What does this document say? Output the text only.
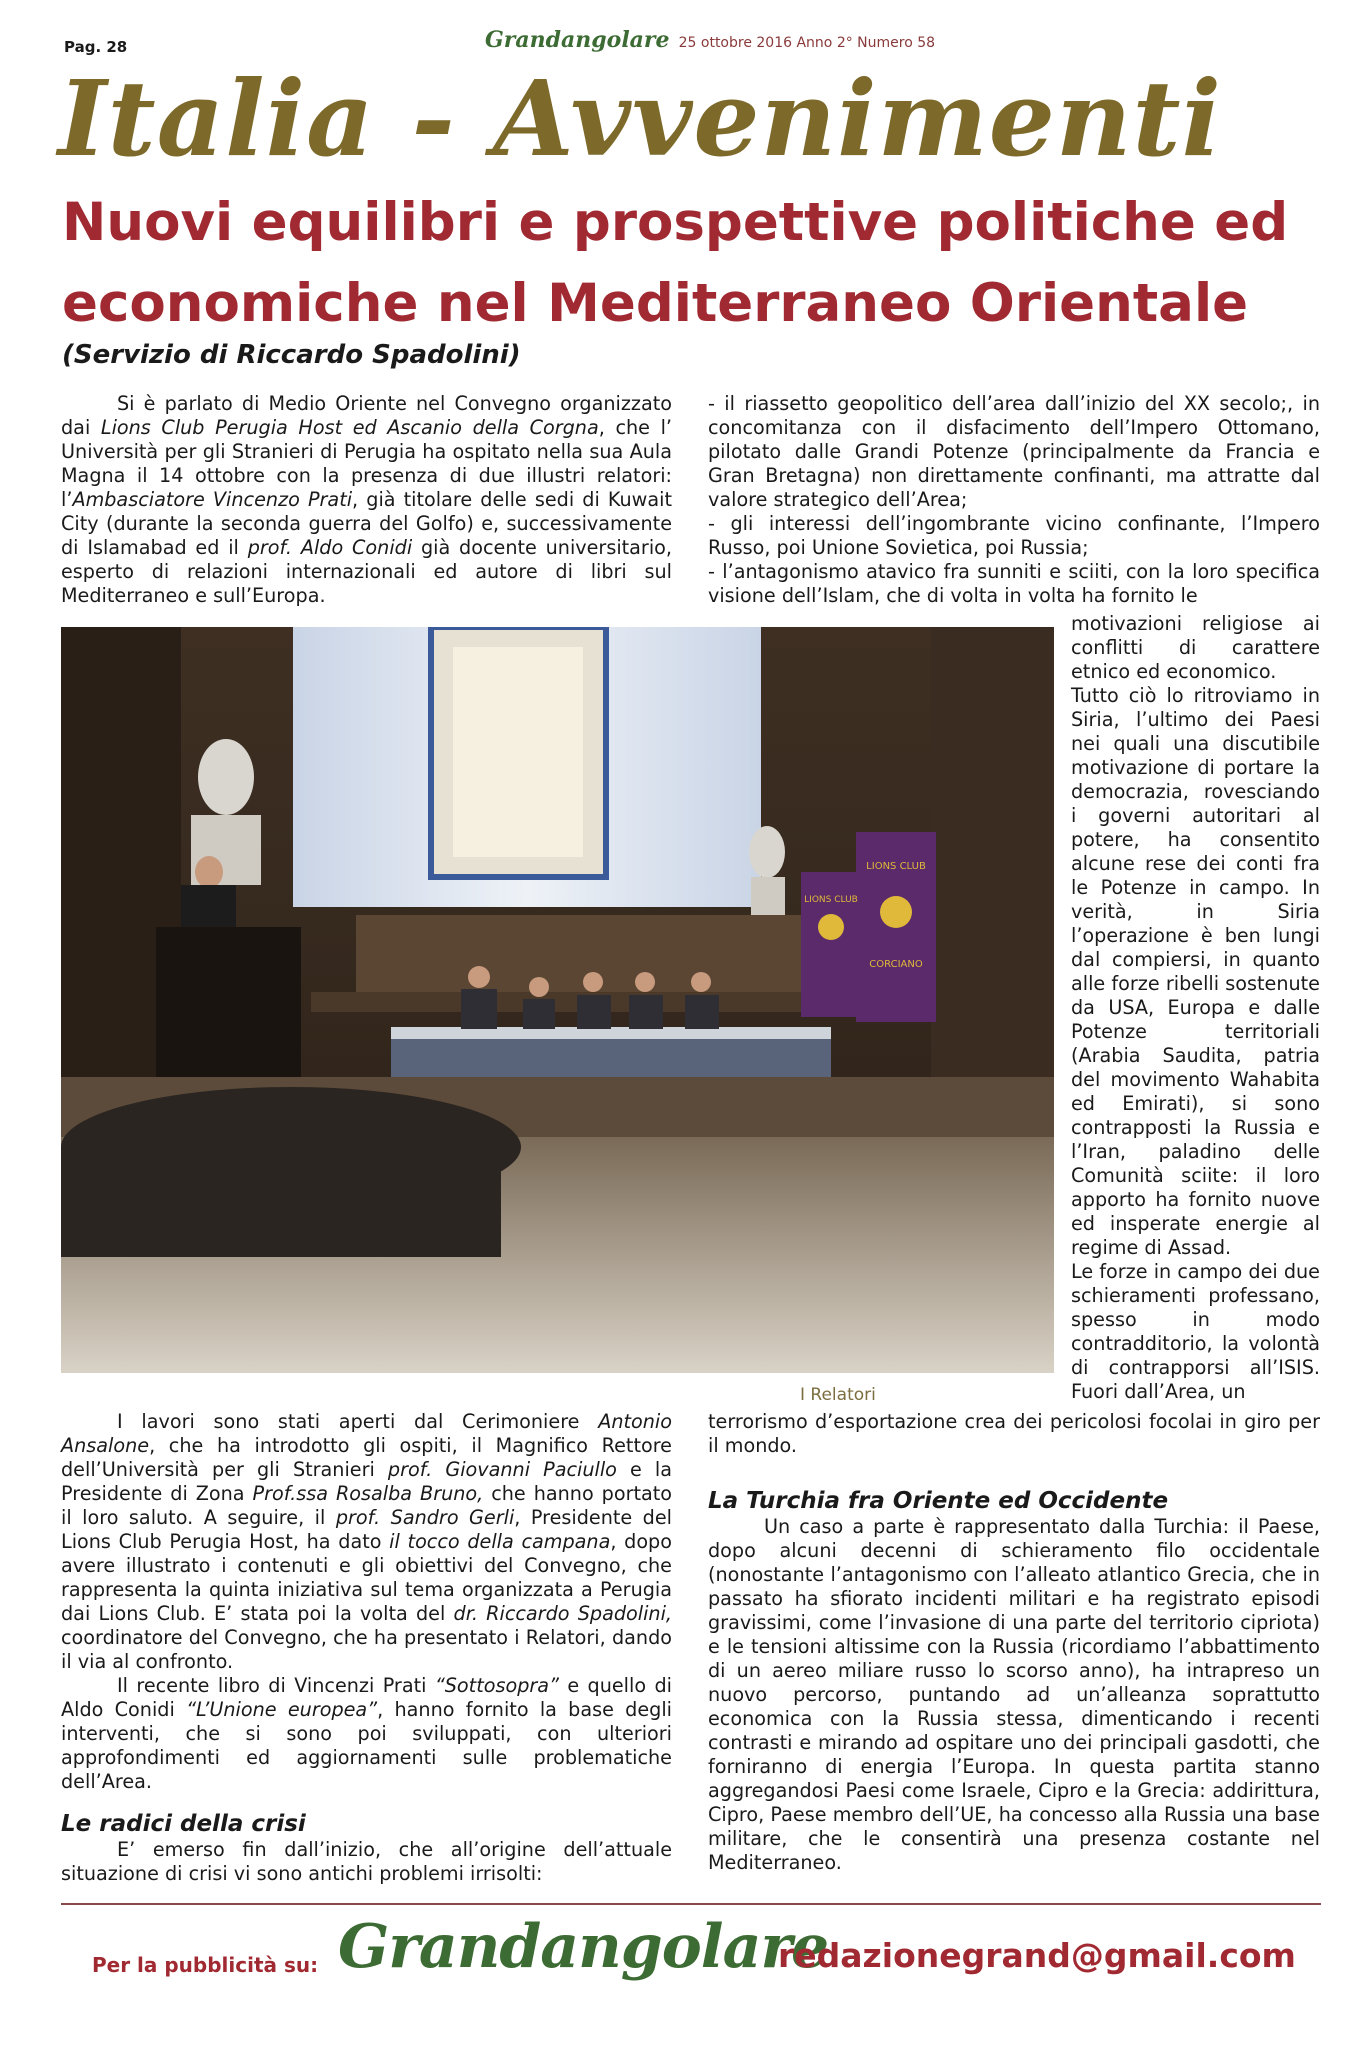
Pag. 28	Grandangolare 25 ottobre 2016 Anno 2° Numero 58
Italia - Avvenimenti
Nuovi equilibri e prospettive politiche ed economiche nel Mediterraneo Orientale
(Servizio di Riccardo Spadolini)

Si è parlato di Medio Oriente nel Convegno organizzato dai Lions Club Perugia Host ed Ascanio della Corgna, che l’ Università per gli Stranieri di Perugia ha ospitato nella sua Aula Magna il 14 ottobre con la presenza di due illustri relatori: l’Ambasciatore Vincenzo Prati, già titolare delle sedi di Kuwait City (durante la seconda guerra del Golfo) e, successivamente di Islamabad ed il prof. Aldo Conidi già docente universitario, esperto di relazioni internazionali ed autore di libri sul Mediterraneo e sull’Europa.

- il riassetto geopolitico dell’area dall’inizio del XX secolo;, in concomitanza con il disfacimento dell’Impero Ottomano, pilotato dalle Grandi Potenze (principalmente da Francia e Gran Bretagna) non direttamente confinanti, ma attratte dal valore strategico dell’Area;

- gli interessi dell’ingombrante vicino confinante, l’Impero Russo, poi Unione Sovietica, poi Russia;

- l’antagonismo atavico fra sunniti e sciiti, con la loro specifica visione dell’Islam, che di volta in volta ha fornito le

LIONS CLUB
LIONS CLUB
CORCIANO
I Relatori

motivazioni religiose ai conflitti di carattere etnico ed economico.

Tutto ciò lo ritroviamo in Siria, l’ultimo dei Paesi nei quali una discutibile motivazione di portare la democrazia, rovesciando i governi autoritari al potere, ha consentito alcune rese dei conti fra le Potenze in campo. In verità, in Siria l’operazione è ben lungi dal compiersi, in quanto alle forze ribelli sostenute da USA, Europa e dalle Potenze territoriali (Arabia Saudita, patria del movimento Wahabita ed Emirati), si sono contrapposti la Russia e l’Iran, paladino delle Comunità sciite: il loro apporto ha fornito nuove ed insperate energie al regime di Assad.

Le forze in campo dei due schieramenti professano, spesso in modo contradditorio, la volontà di contrapporsi all’ISIS. Fuori dall’Area, un

terrorismo d’esportazione crea dei pericolosi focolai in giro per il mondo.

La Turchia fra Oriente ed Occidente

Un caso a parte è rappresentato dalla Turchia: il Paese, dopo alcuni decenni di schieramento filo occidentale (nonostante l’antagonismo con l’alleato atlantico Grecia, che in passato ha sfiorato incidenti militari e ha registrato episodi gravissimi, come l’invasione di una parte del territorio cipriota) e le tensioni altissime con la Russia (ricordiamo l’abbattimento di un aereo miliare russo lo scorso anno), ha intrapreso un nuovo percorso, puntando ad un’alleanza soprattutto economica con la Russia stessa, dimenticando i recenti contrasti e mirando ad ospitare uno dei principali gasdotti, che forniranno di energia l’Europa. In questa partita stanno aggregandosi Paesi come Israele, Cipro e la Grecia: addirittura, Cipro, Paese membro dell’UE, ha concesso alla Russia una base militare, che le consentirà una presenza costante nel Mediterraneo.

I lavori sono stati aperti dal Cerimoniere Antonio Ansalone, che ha introdotto gli ospiti, il Magnifico Rettore dell’Università per gli Stranieri prof. Giovanni Paciullo e la Presidente di Zona Prof.ssa Rosalba Bruno, che hanno portato il loro saluto. A seguire, il prof. Sandro Gerli, Presidente del Lions Club Perugia Host, ha dato il tocco della campana, dopo avere illustrato i contenuti e gli obiettivi del Convegno, che rappresenta la quinta iniziativa sul tema organizzata a Perugia dai Lions Club. E’ stata poi la volta del dr. Riccardo Spadolini, coordinatore del Convegno, che ha presentato i Relatori, dando il via al confronto.

Il recente libro di Vincenzi Prati “Sottosopra” e quello di Aldo Conidi “L’Unione europea”, hanno fornito la base degli interventi, che si sono poi sviluppati, con ulteriori approfondimenti ed aggiornamenti sulle problematiche dell’Area.

Le radici della crisi

E’ emerso fin dall’inizio, che all’origine dell’attuale situazione di crisi vi sono antichi problemi irrisolti:

Per la pubblicità su: Grandangolare
redazionegrand@gmail.com
